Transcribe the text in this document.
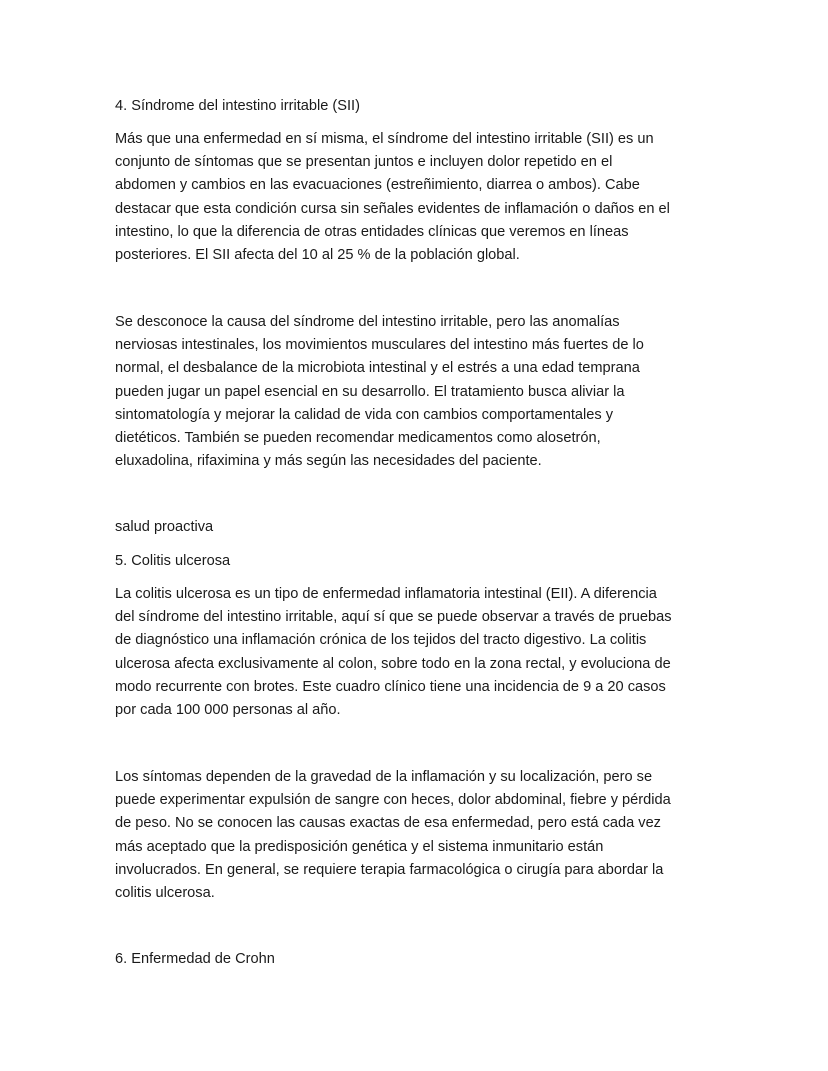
4. Síndrome del intestino irritable (SII)

Más que una enfermedad en sí misma, el síndrome del intestino irritable (SII) es un
conjunto de síntomas que se presentan juntos e incluyen dolor repetido en el
abdomen y cambios en las evacuaciones (estreñimiento, diarrea o ambos). Cabe
destacar que esta condición cursa sin señales evidentes de inflamación o daños en el
intestino, lo que la diferencia de otras entidades clínicas que veremos en líneas
posteriores. El SII afecta del 10 al 25 % de la población global.

Se desconoce la causa del síndrome del intestino irritable, pero las anomalías
nerviosas intestinales, los movimientos musculares del intestino más fuertes de lo
normal, el desbalance de la microbiota intestinal y el estrés a una edad temprana
pueden jugar un papel esencial en su desarrollo. El tratamiento busca aliviar la
sintomatología y mejorar la calidad de vida con cambios comportamentales y
dietéticos. También se pueden recomendar medicamentos como alosetrón,
eluxadolina, rifaximina y más según las necesidades del paciente.

salud proactiva

5. Colitis ulcerosa

La colitis ulcerosa es un tipo de enfermedad inflamatoria intestinal (EII). A diferencia
del síndrome del intestino irritable, aquí sí que se puede observar a través de pruebas
de diagnóstico una inflamación crónica de los tejidos del tracto digestivo. La colitis
ulcerosa afecta exclusivamente al colon, sobre todo en la zona rectal, y evoluciona de
modo recurrente con brotes. Este cuadro clínico tiene una incidencia de 9 a 20 casos
por cada 100 000 personas al año.

Los síntomas dependen de la gravedad de la inflamación y su localización, pero se
puede experimentar expulsión de sangre con heces, dolor abdominal, fiebre y pérdida
de peso. No se conocen las causas exactas de esa enfermedad, pero está cada vez
más aceptado que la predisposición genética y el sistema inmunitario están
involucrados. En general, se requiere terapia farmacológica o cirugía para abordar la
colitis ulcerosa.

6. Enfermedad de Crohn
